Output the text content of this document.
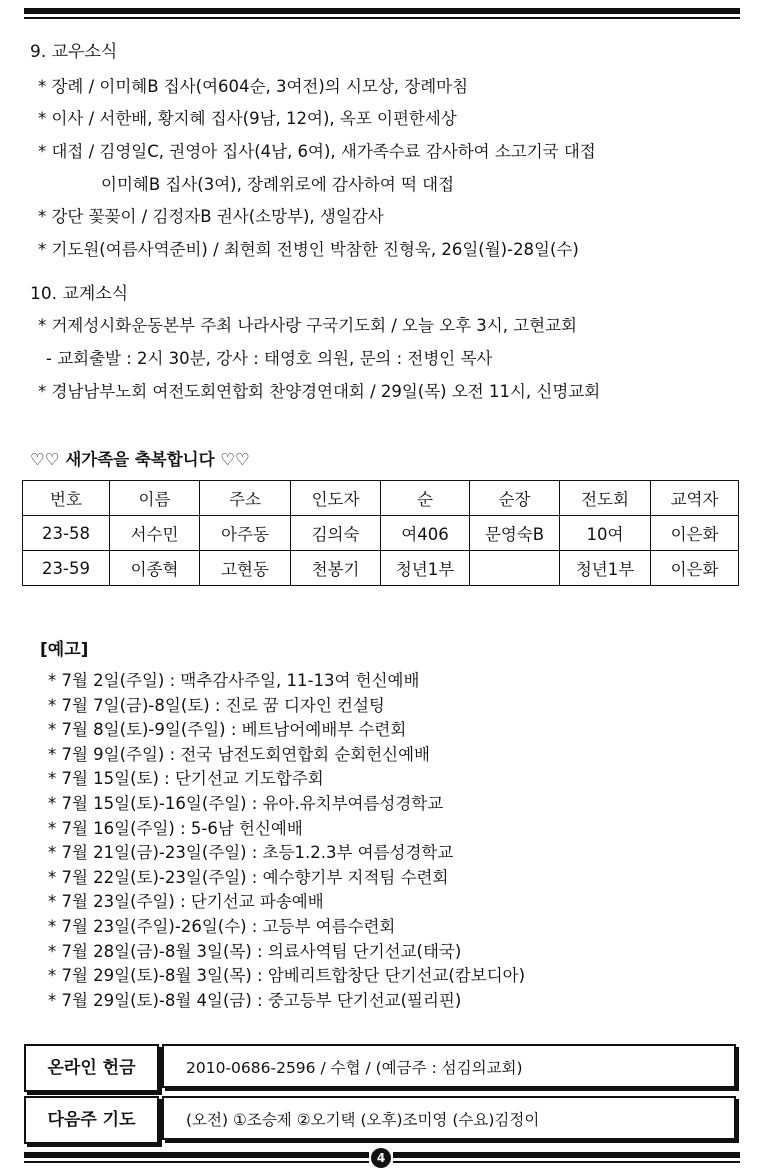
9. 교우소식
* 장례 / 이미혜B 집사(여604순, 3여전)의 시모상, 장례마침
* 이사 / 서한배, 황지혜 집사(9남, 12여), 옥포 이편한세상
* 대접 / 김영일C, 권영아 집사(4남, 6여), 새가족수료 감사하여 소고기국 대접
이미혜B 집사(3여), 장례위로에 감사하여 떡 대접
* 강단 꽃꽂이 / 김정자B 권사(소망부), 생일감사
* 기도원(여름사역준비) / 최현희 전병인 박참한 진형욱, 26일(월)-28일(수)
10. 교계소식
* 거제성시화운동본부 주최 나라사랑 구국기도회 / 오늘 오후 3시, 고현교회
- 교회출발 : 2시 30분, 강사 : 태영호 의원, 문의 : 전병인 목사
* 경남남부노회 여전도회연합회 찬양경연대회 / 29일(목) 오전 11시, 신명교회
♡♡ 새가족을 축복합니다 ♡♡
번호	이름	주소	인도자	순	순장	전도회	교역자
23-58	서수민	아주동	김의숙	여406	문영숙B	10여	이은화
23-59	이종혁	고현동	천봉기	청년1부		청년1부	이은화
[예고]
* 7월 2일(주일) : 맥추감사주일, 11-13여 헌신예배
* 7월 7일(금)-8일(토) : 진로 꿈 디자인 컨설팅
* 7월 8일(토)-9일(주일) : 베트남어예배부 수련회
* 7월 9일(주일) : 전국 남전도회연합회 순회헌신예배
* 7월 15일(토) : 단기선교 기도합주회
* 7월 15일(토)-16일(주일) : 유아.유치부여름성경학교
* 7월 16일(주일) : 5-6남 헌신예배
* 7월 21일(금)-23일(주일) : 초등1.2.3부 여름성경학교
* 7월 22일(토)-23일(주일) : 예수향기부 지적팀 수련회
* 7월 23일(주일) : 단기선교 파송예배
* 7월 23일(주일)-26일(수) : 고등부 여름수련회
* 7월 28일(금)-8월 3일(목) : 의료사역팀 단기선교(태국)
* 7월 29일(토)-8월 3일(목) : 암베리트합창단 단기선교(캄보디아)
* 7월 29일(토)-8월 4일(금) : 중고등부 단기선교(필리핀)
온라인 헌금	2010-0686-2596 / 수협 / (예금주 : 섬김의교회)
다음주 기도	(오전) ①조승제 ②오기택 (오후)조미영 (수요)김정이
4
